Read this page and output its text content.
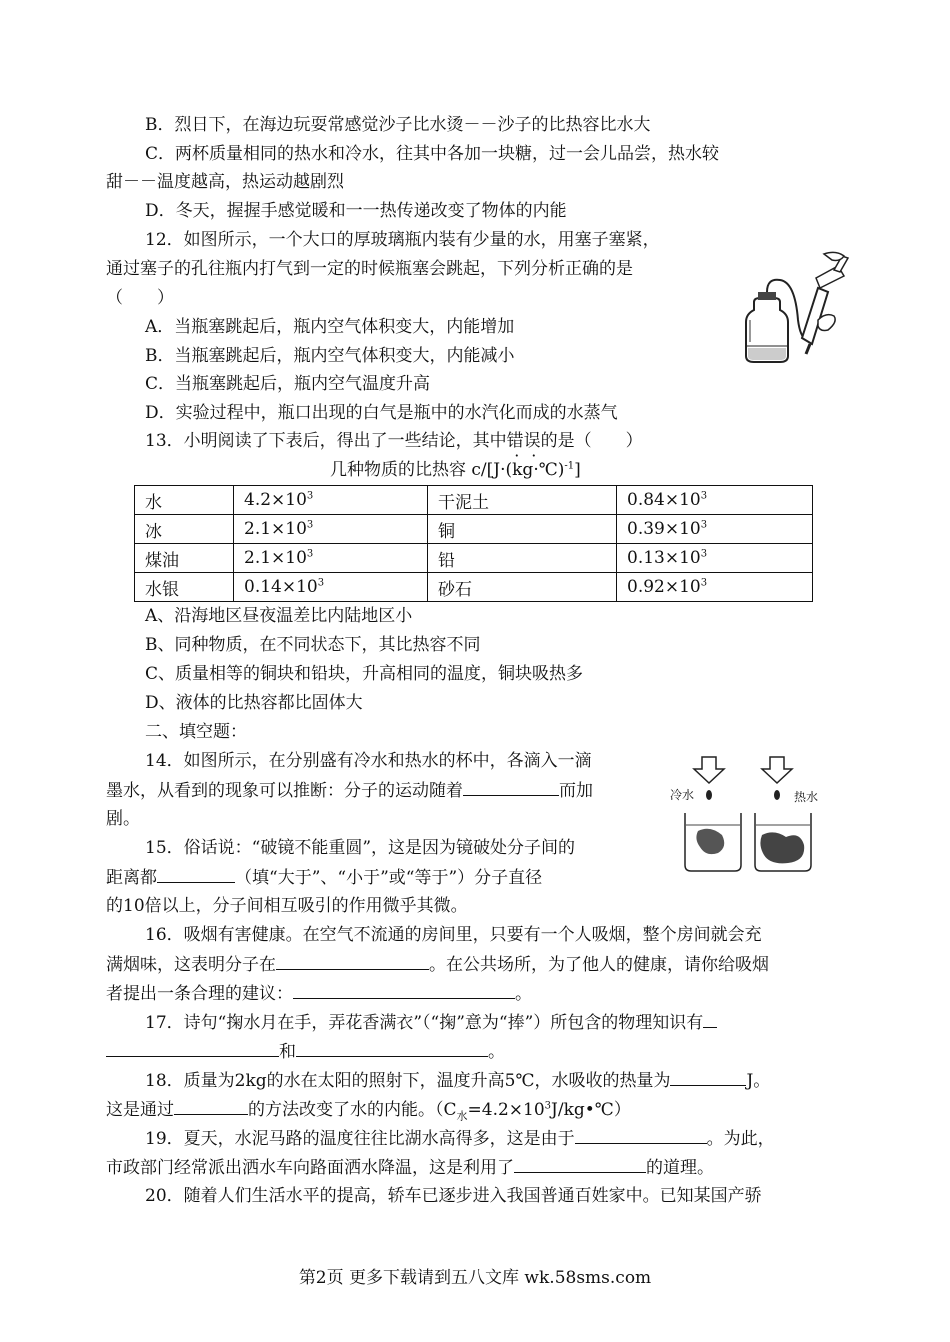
B．烈日下，在海边玩耍常感觉沙子比水烫－－沙子的比热容比水大
C．两杯质量相同的热水和冷水，往其中各加一块糖，过一会儿品尝，热水较
甜－－温度越高，热运动越剧烈
D．冬天，握握手感觉暖和一一热传递改变了物体的内能
12．如图所示，一个大口的厚玻璃瓶内装有少量的水，用塞子塞紧，
通过塞子的孔往瓶内打气到一定的时候瓶塞会跳起，下列分析正确的是
（　　）
A．当瓶塞跳起后，瓶内空气体积变大，内能增加
B．当瓶塞跳起后，瓶内空气体积变大，内能减小
C．当瓶塞跳起后，瓶内空气温度升高
D．实验过程中，瓶口出现的白气是瓶中的水汽化而成的水蒸气
13．小明阅读了下表后，得出了一些结论，其中错误的是（　　）
几种物质的比热容 c/[J·(kg·℃)$^{-1}$]
水	$4.2\times 10^3$	干泥土	$0.84\times 10^3$
冰	$2.1\times 10^3$	铜	$0.39\times 10^3$
煤油	$2.1\times 10^3$	铅	$0.13\times 10^3$
水银	$0.14\times 10^3$	砂石	$0.92\times 10^3$
A、沿海地区昼夜温差比内陆地区小
B、同种物质，在不同状态下，其比热容不同
C、质量相等的铜块和铅块，升高相同的温度，铜块吸热多
D、液体的比热容都比固体大
二、填空题：
14．如图所示，在分别盛有冷水和热水的杯中，各滴入一滴
墨水，从看到的现象可以推断：分子的运动随着	而加
剧。
冷水	热水
15．俗话说：“破镜不能重圆”，这是因为镜破处分子间的
距离都	（填“大于”、“小于”或“等于”）分子直径
的10倍以上，分子间相互吸引的作用微乎其微。
16．吸烟有害健康。在空气不流通的房间里，只要有一个人吸烟，整个房间就会充
满烟味，这表明分子在	。在公共场所，为了他人的健康，请你给吸烟
者提出一条合理的建议：	。
17．诗句“掬水月在手，弄花香满衣”（“掬”意为“捧”）所包含的物理知识有
和	。
18．质量为2kg的水在太阳的照射下，温度升高5℃，水吸收的热量为	J。
这是通过	的方法改变了水的内能。$(C_水=4.2\times 10^3J/kg•℃)$
19．夏天，水泥马路的温度往往比湖水高得多，这是由于	。为此，
市政部门经常派出洒水车向路面洒水降温，这是利用了	的道理。
20．随着人们生活水平的提高，轿车已逐步进入我国普通百姓家中。已知某国产骄
第2页 更多下载请到五八文库 wk.58sms.com
